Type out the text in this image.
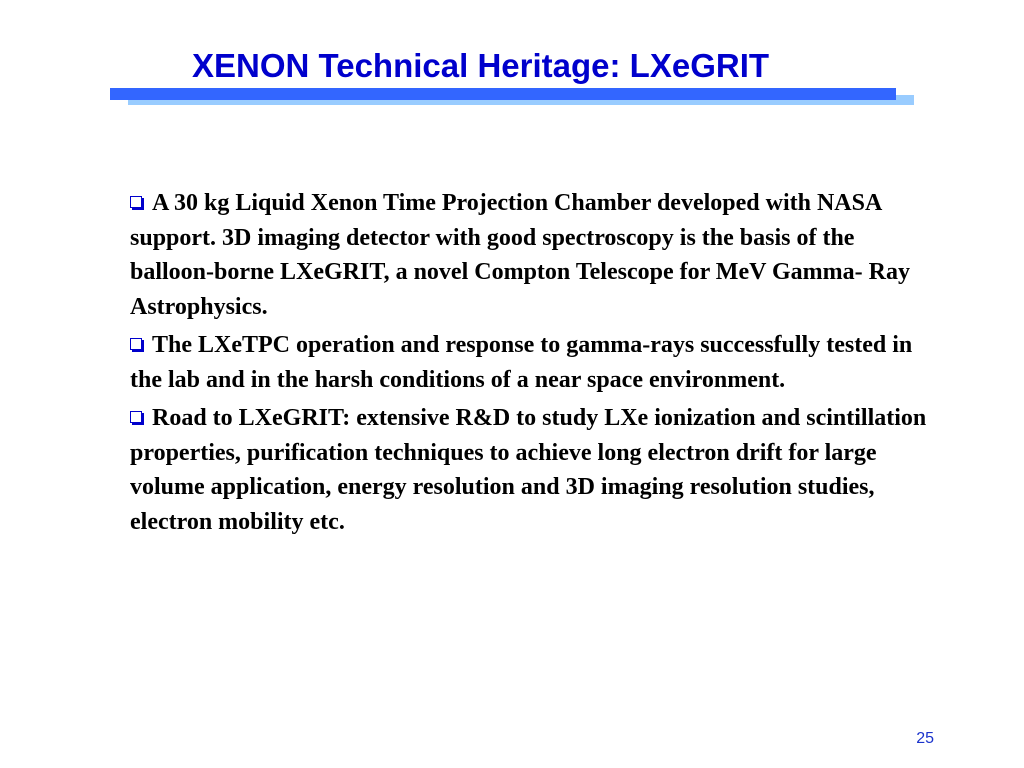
XENON Technical Heritage: LXeGRIT
A 30 kg Liquid Xenon Time Projection Chamber developed with NASA support. 3D imaging detector with good spectroscopy is the basis of the balloon-borne LXeGRIT, a novel Compton Telescope for MeV Gamma- Ray Astrophysics.
The LXeTPC operation and response to gamma-rays successfully tested in the lab and in the harsh conditions of a near space environment.
Road to LXeGRIT: extensive R&D to study LXe ionization and scintillation properties, purification techniques to achieve long electron drift for large volume application, energy resolution and 3D imaging resolution studies, electron mobility etc.
25
